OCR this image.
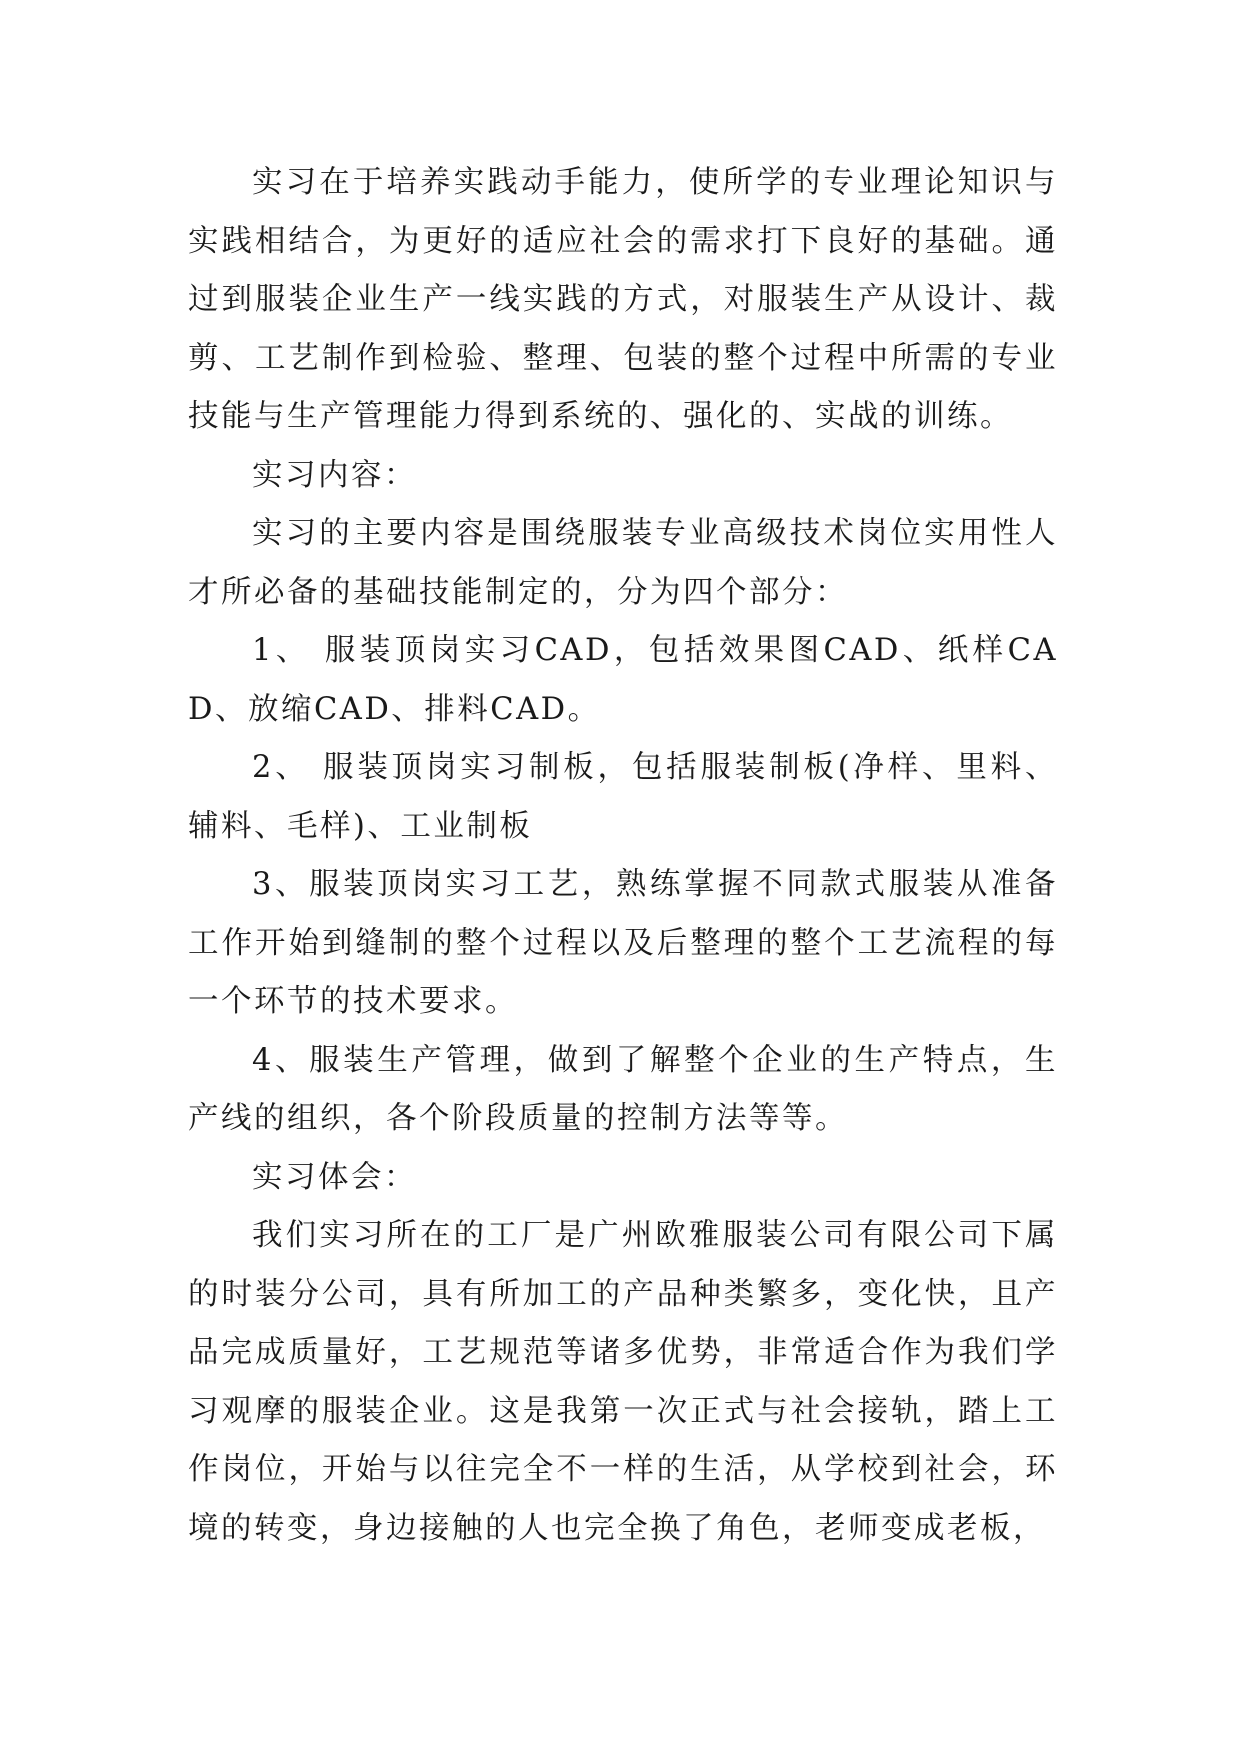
实习在于培养实践动手能力，使所学的专业理论知识与实践相结合，为更好的适应社会的需求打下良好的基础。通过到服装企业生产一线实践的方式，对服装生产从设计、裁剪、工艺制作到检验、整理、包装的整个过程中所需的专业技能与生产管理能力得到系统的、强化的、实战的训练。

实习内容：

实习的主要内容是围绕服装专业高级技术岗位实用性人才所必备的基础技能制定的，分为四个部分：

1、 服装顶岗实习CAD，包括效果图CAD、纸样CAD、放缩CAD、排料CAD。

2、 服装顶岗实习制板，包括服装制板(净样、里料、辅料、毛样)、工业制板

3、服装顶岗实习工艺，熟练掌握不同款式服装从准备工作开始到缝制的整个过程以及后整理的整个工艺流程的每一个环节的技术要求。

4、服装生产管理，做到了解整个企业的生产特点，生产线的组织，各个阶段质量的控制方法等等。

实习体会：

我们实习所在的工厂是广州欧雅服装公司有限公司下属的时装分公司，具有所加工的产品种类繁多，变化快，且产品完成质量好，工艺规范等诸多优势，非常适合作为我们学习观摩的服装企业。这是我第一次正式与社会接轨，踏上工作岗位，开始与以往完全不一样的生活，从学校到社会，环境的转变，身边接触的人也完全换了角色，老师变成老板，
